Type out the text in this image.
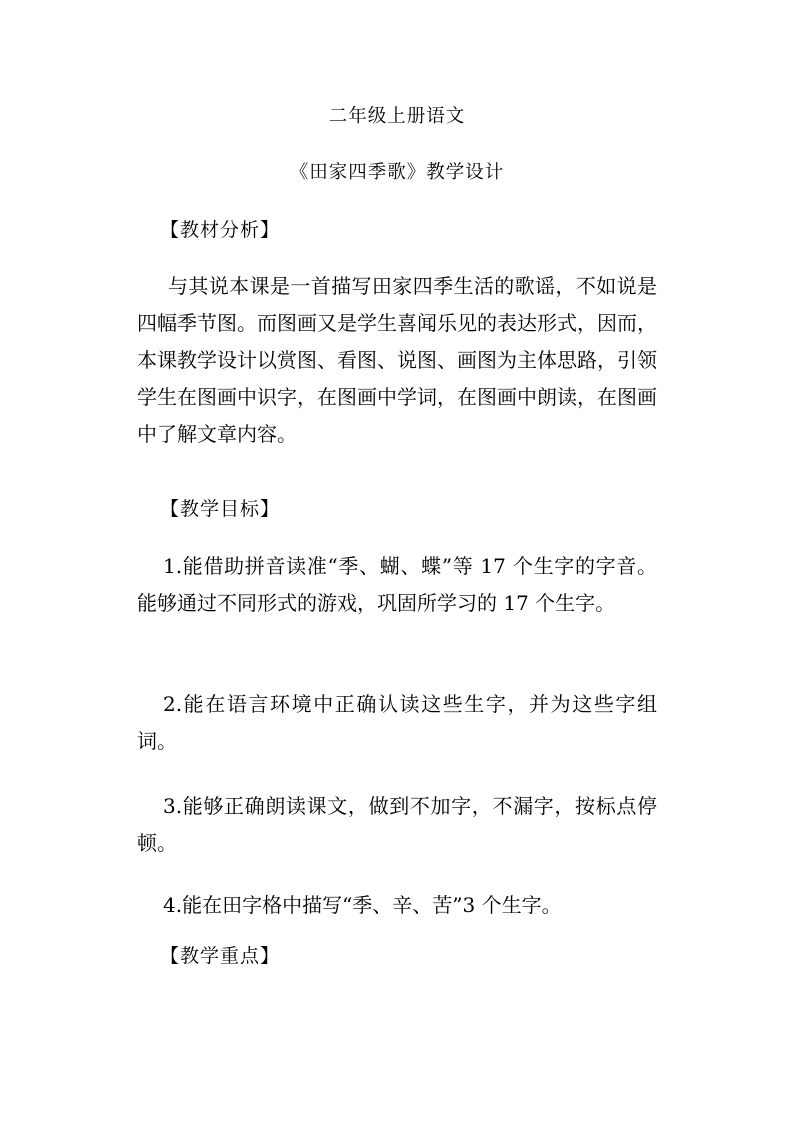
二年级上册语文
《田家四季歌》教学设计
【教材分析】
与其说本课是一首描写田家四季生活的歌谣，不如说是四幅季节图。而图画又是学生喜闻乐见的表达形式，因而，本课教学设计以赏图、看图、说图、画图为主体思路，引领学生在图画中识字，在图画中学词，在图画中朗读，在图画中了解文章内容。
【教学目标】
1.能借助拼音读准“季、蝴、蝶”等 17 个生字的字音。能够通过不同形式的游戏，巩固所学习的 17 个生字。
2.能在语言环境中正确认读这些生字，并为这些字组词。
3.能够正确朗读课文，做到不加字，不漏字，按标点停顿。
4.能在田字格中描写“季、辛、苦”3 个生字。
【教学重点】
